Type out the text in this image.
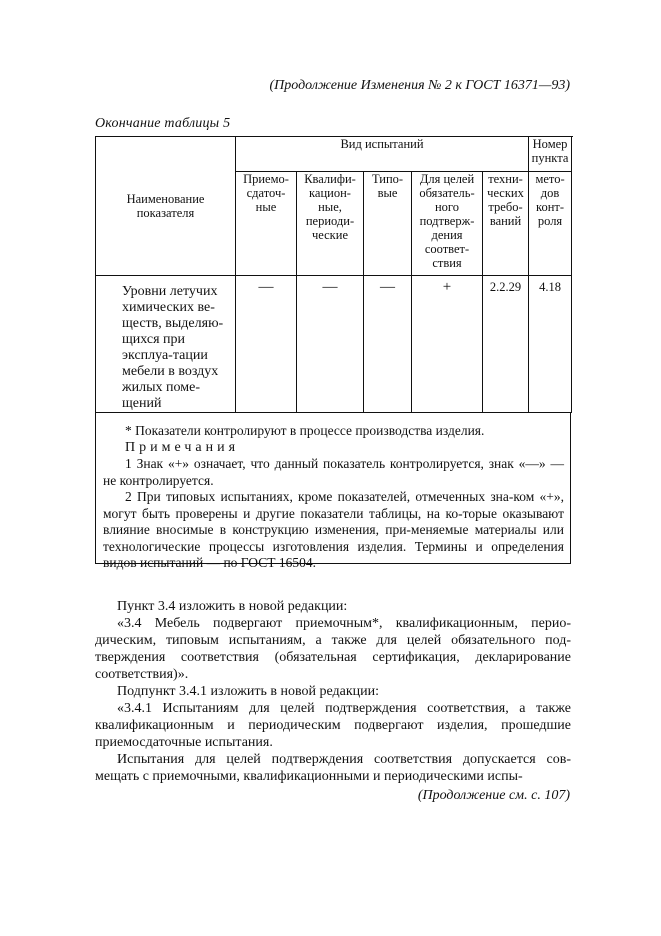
(Продолжение Изменения № 2 к ГОСТ 16371—93)
Окончание таблицы 5
Наименование показателя	Вид испытаний					Номер пункта
	Приемо-сдаточ-ные	Квалифи-кацион-ные, периоди-ческие	Типо-вые	Для целей обязатель-ного подтверж-дения соответ-ствия	техни-ческих требо-ваний	мето-дов конт-роля
Уровни летучих химических ве-ществ, выделяю-щихся при эксплуа-тации мебели в воздух жилых поме-щений	—	—	—	+	2.2.29	4.18

* Показатели контролируют в процессе производства изделия.

Примечания

1 Знак «+» означает, что данный показатель контролируется, знак «—» — не контролируется.

2 При типовых испытаниях, кроме показателей, отмеченных зна-ком «+», могут быть проверены и другие показатели таблицы, на ко-торые оказывают влияние вносимые в конструкцию изменения, при-меняемые материалы или технологические процессы изготовления изделия. Термины и определения видов испытаний — по ГОСТ 16504.

Пункт 3.4 изложить в новой редакции:

«3.4 Мебель подвергают приемочным*, квалификационным, перио-дическим, типовым испытаниям, а также для целей обязательного под-тверждения соответствия (обязательная сертификация, декларирование соответствия)».

Подпункт 3.4.1 изложить в новой редакции:

«3.4.1 Испытаниям для целей подтверждения соответствия, а также квалификационным и периодическим подвергают изделия, прошедшие приемосдаточные испытания.

Испытания для целей подтверждения соответствия допускается сов-мещать с приемочными, квалификационными и периодическими испы-

(Продолжение см. с. 107)
